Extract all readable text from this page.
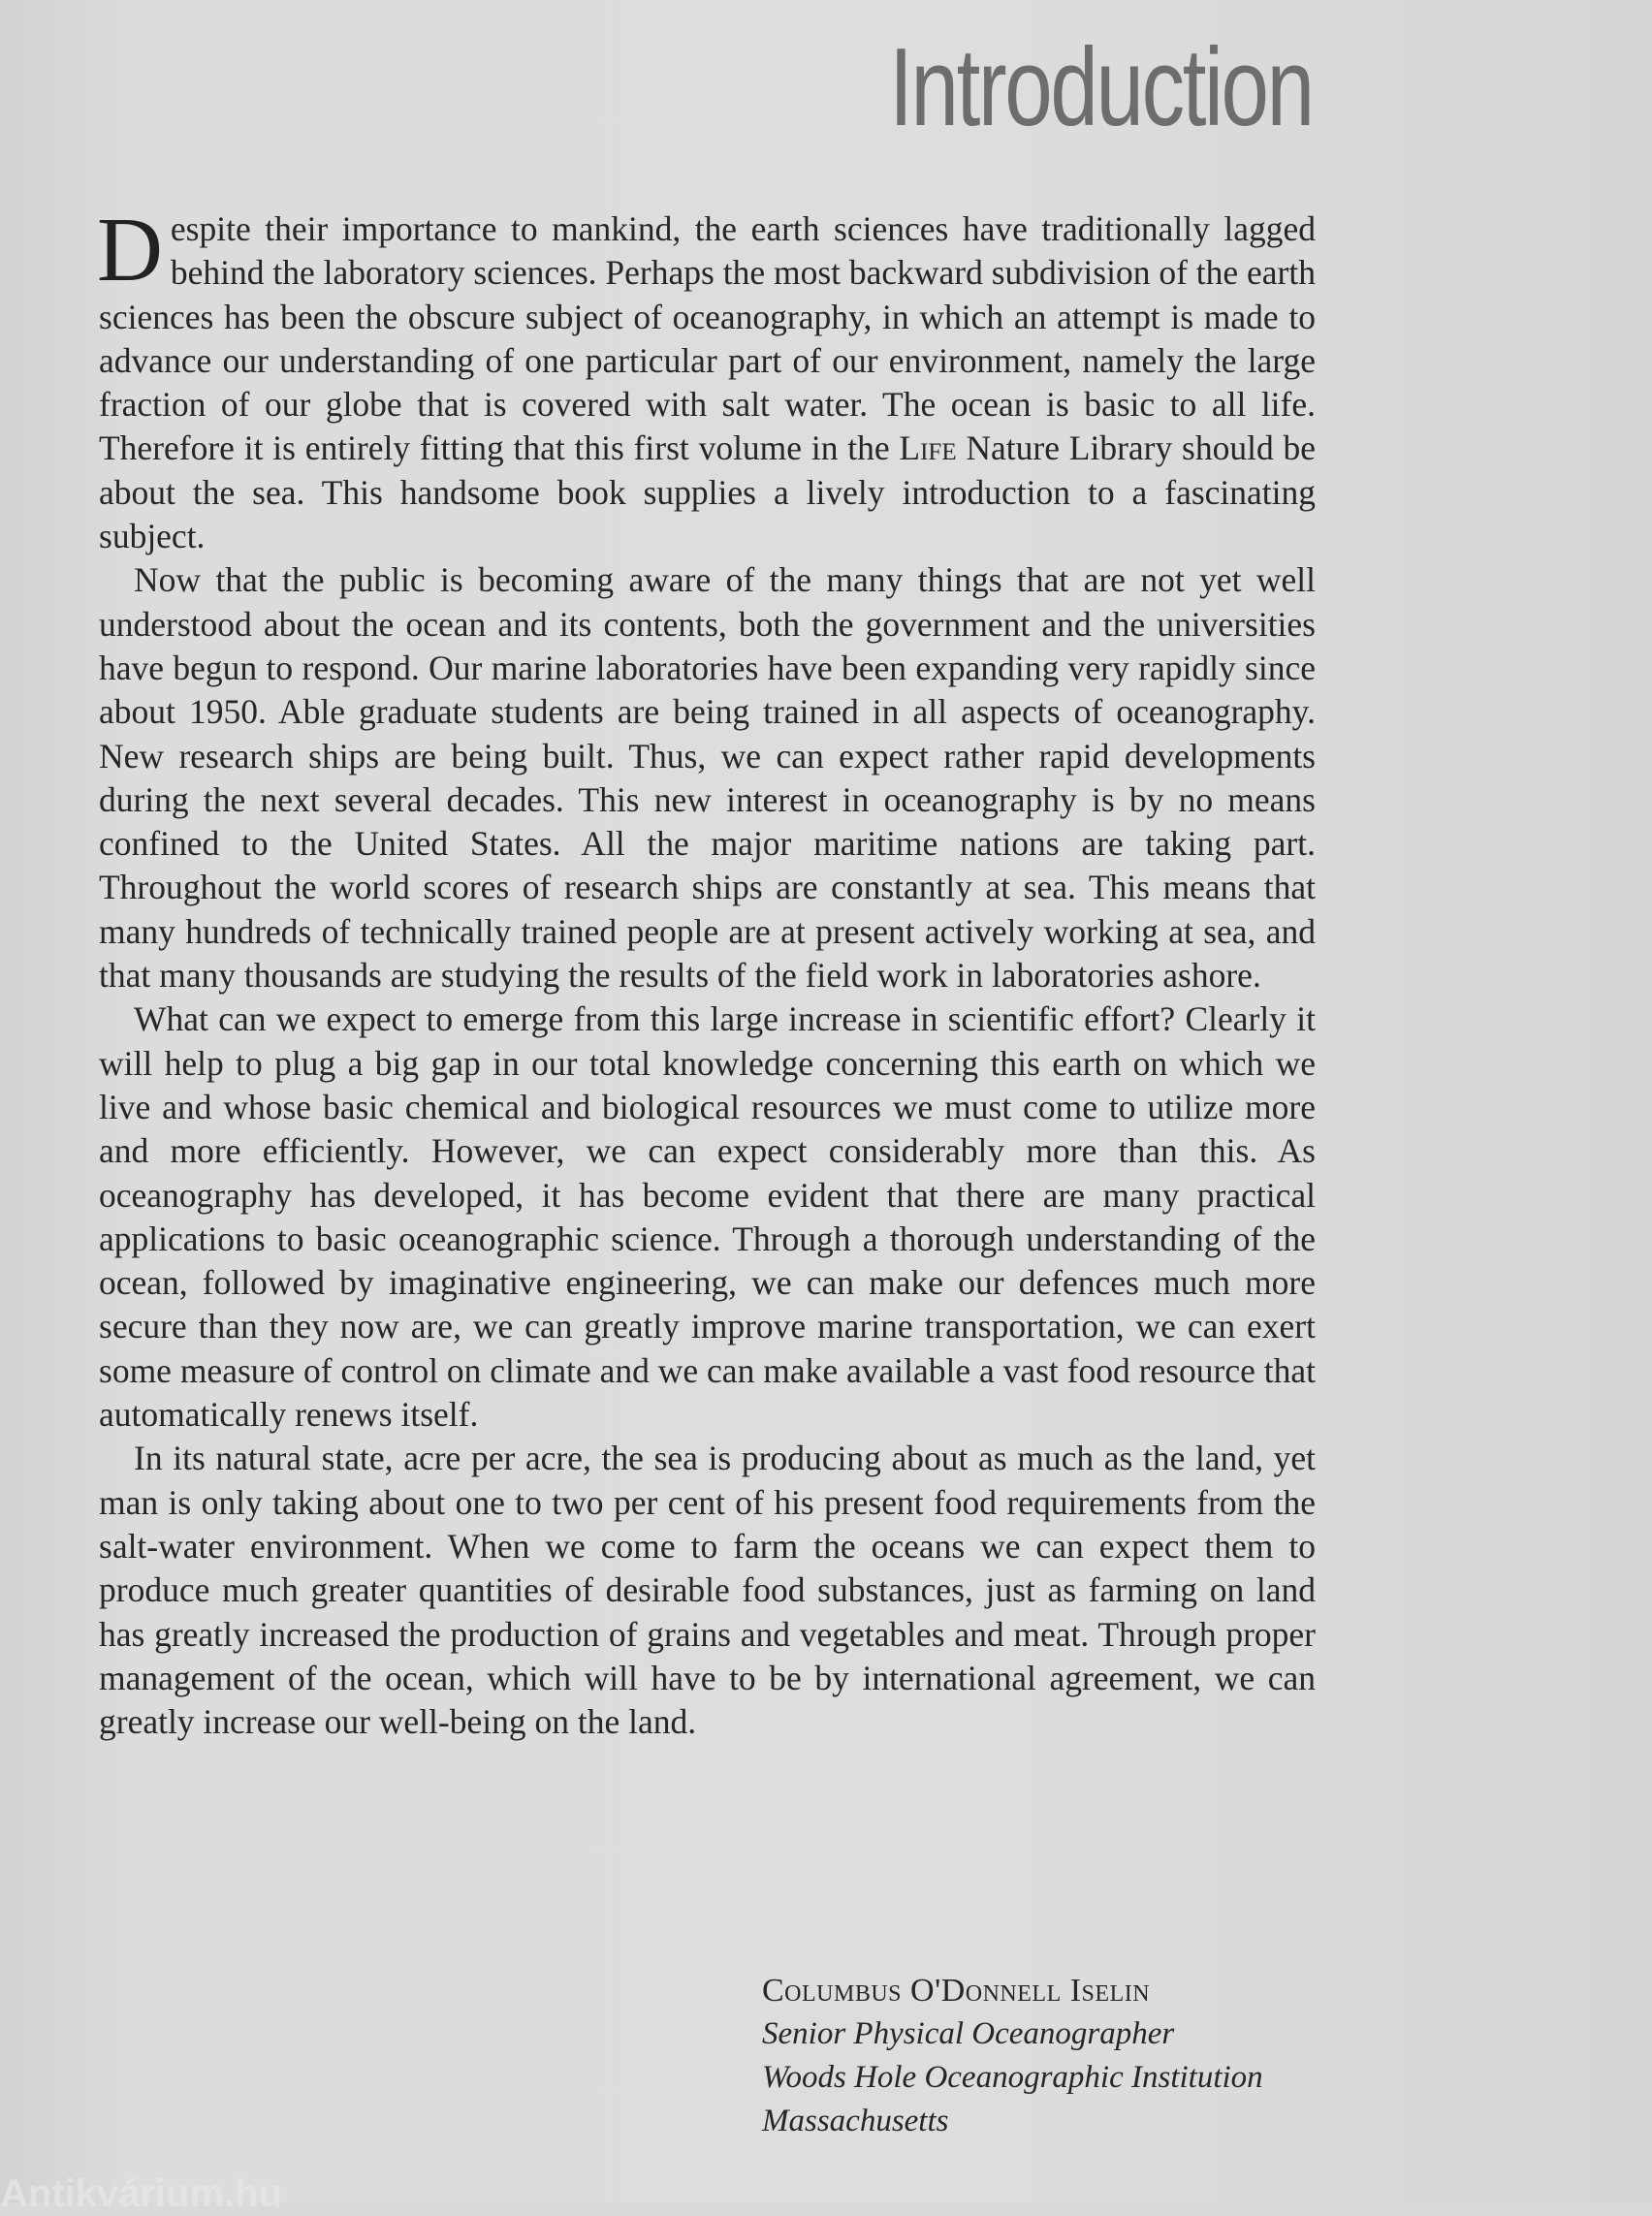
Introduction

Despite their importance to mankind, the earth sciences have traditionally lagged behind the laboratory sciences. Perhaps the most backward subdivision of the earth sciences has been the obscure subject of oceanography, in which an attempt is made to advance our understanding of one particular part of our environment, namely the large fraction of our globe that is covered with salt water. The ocean is basic to all life. Therefore it is entirely fitting that this first volume in the Life Nature Library should be about the sea. This handsome book supplies a lively introduction to a fascinating subject.

Now that the public is becoming aware of the many things that are not yet well understood about the ocean and its contents, both the government and the universities have begun to respond. Our marine laboratories have been expanding very rapidly since about 1950. Able graduate students are being trained in all aspects of oceanography. New research ships are being built. Thus, we can expect rather rapid developments during the next several decades. This new interest in oceanography is by no means confined to the United States. All the major maritime nations are taking part. Throughout the world scores of research ships are constantly at sea. This means that many hundreds of technically trained people are at present actively working at sea, and that many thousands are studying the results of the field work in laboratories ashore.

What can we expect to emerge from this large increase in scientific effort? Clearly it will help to plug a big gap in our total knowledge concerning this earth on which we live and whose basic chemical and biological resources we must come to utilize more and more efficiently. However, we can expect considerably more than this. As oceanography has developed, it has become evident that there are many practical applications to basic oceanographic science. Through a thorough understanding of the ocean, followed by imaginative engineering, we can make our defences much more secure than they now are, we can greatly improve marine transportation, we can exert some measure of control on climate and we can make available a vast food resource that automatically renews itself.

In its natural state, acre per acre, the sea is producing about as much as the land, yet man is only taking about one to two per cent of his present food requirements from the salt-water environment. When we come to farm the oceans we can expect them to produce much greater quantities of desirable food substances, just as farming on land has greatly increased the production of grains and vegetables and meat. Through proper management of the ocean, which will have to be by international agreement, we can greatly increase our well-being on the land.

Columbus O'Donnell Iselin
Senior Physical Oceanographer
Woods Hole Oceanographic Institution
Massachusetts
Antikvárium.hu
